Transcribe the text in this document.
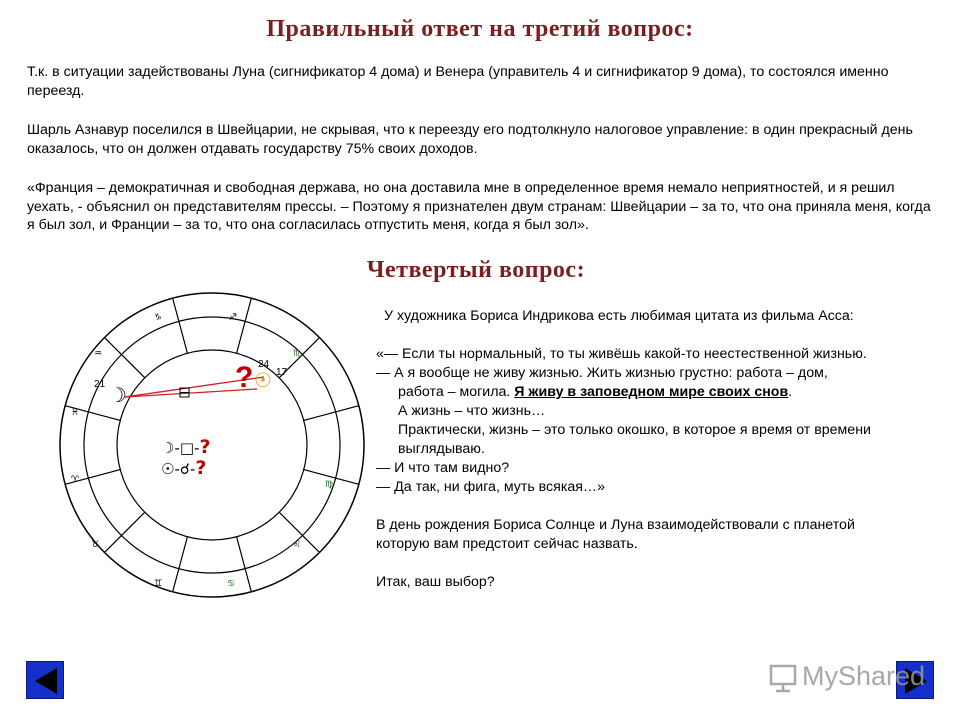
Правильный ответ на третий вопрос:
Т.к. в ситуации задействованы Луна (сигнификатор 4 дома) и Венера (управитель 4 и сигнификатор 9 дома), то состоялся именно переезд.
Шарль Азнавур поселился в Швейцарии, не скрывая, что к переезду его подтолкнуло налоговое управление: в один прекрасный день оказалось, что он должен отдавать государству 75% своих доходов.
«Франция – демократичная и свободная держава, но она доставила мне в определенное время немало неприятностей, и я решил уехать, - объяснил он представителям прессы. – Поэтому я признателен двум странам: Швейцарии – за то, что она приняла меня, когда я был зол, и Франции – за то, что она согласилась отпустить меня, когда я был зол».
Четвертый вопрос:
♑	♐
♒	♏
♓
♈	♍
♉	♌
♊	♋
21 ☽
? 24
☉ 17
☽-□-?
☉-☌-?
У художника Бориса Индрикова есть любимая цитата из фильма Асса:
«— Если ты нормальный, то ты живёшь какой-то неестественной жизнью.
— А я вообще не живу жизнью. Жить жизнью грустно: работа – дом,
работа – могила. Я живу в заповедном мире своих снов.
А жизнь – что жизнь…
Практически, жизнь – это только окошко, в которое я время от времени
выглядываю.
— И что там видно?
— Да так, ни фига, муть всякая…»
В день рождения Бориса Солнце и Луна взаимодействовали с планетой
которую вам предстоит сейчас назвать.
Итак, ваш выбор?
MyShared
